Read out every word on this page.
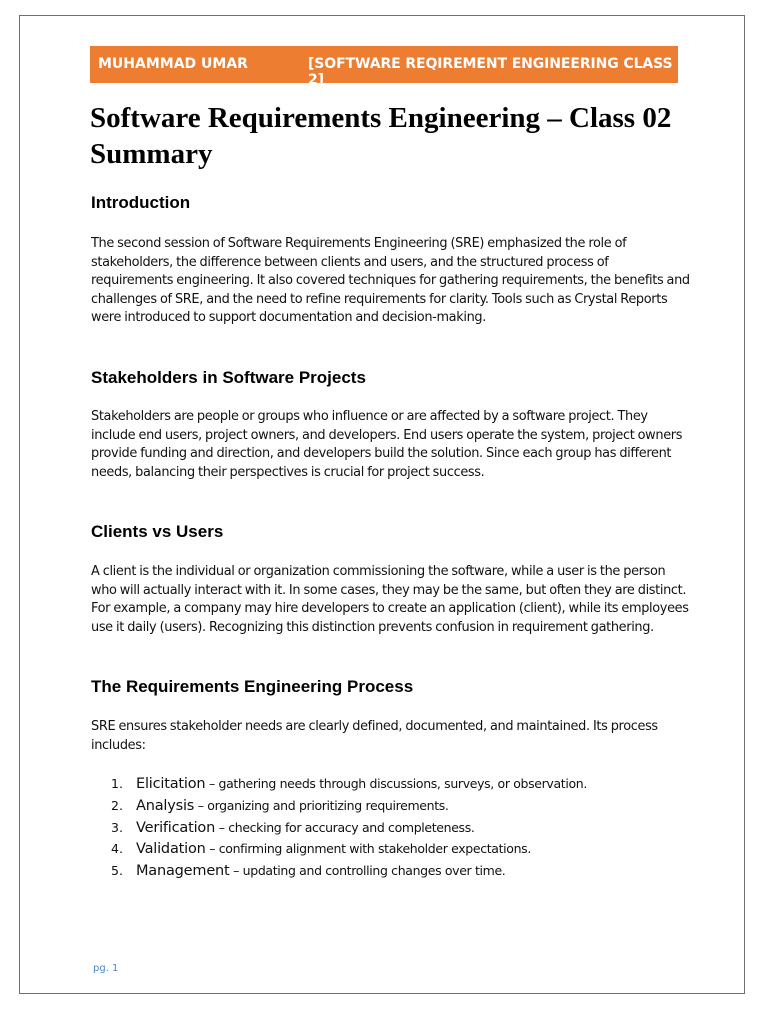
MUHAMMAD UMAR	[SOFTWARE REQIREMENT ENGINEERING CLASS 2]
Software Requirements Engineering – Class 02 Summary
Introduction

The second session of Software Requirements Engineering (SRE) emphasized the role of stakeholders, the difference between clients and users, and the structured process of requirements engineering. It also covered techniques for gathering requirements, the benefits and challenges of SRE, and the need to refine requirements for clarity. Tools such as Crystal Reports were introduced to support documentation and decision-making.

Stakeholders in Software Projects

Stakeholders are people or groups who influence or are affected by a software project. They include end users, project owners, and developers. End users operate the system, project owners provide funding and direction, and developers build the solution. Since each group has different needs, balancing their perspectives is crucial for project success.

Clients vs Users

A client is the individual or organization commissioning the software, while a user is the person who will actually interact with it. In some cases, they may be the same, but often they are distinct. For example, a company may hire developers to create an application (client), while its employees use it daily (users). Recognizing this distinction prevents confusion in requirement gathering.

The Requirements Engineering Process

SRE ensures stakeholder needs are clearly defined, documented, and maintained. Its process includes:

1. Elicitation – gathering needs through discussions, surveys, or observation.
2. Analysis – organizing and prioritizing requirements.
3. Verification – checking for accuracy and completeness.
4. Validation – confirming alignment with stakeholder expectations.
5. Management – updating and controlling changes over time.
pg. 1
